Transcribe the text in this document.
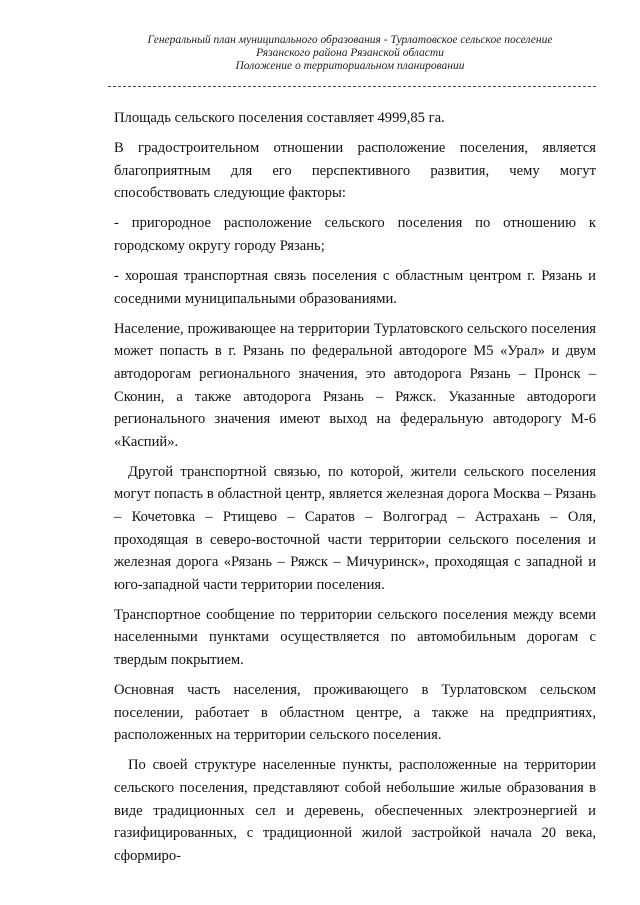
Генеральный план муниципального образования - Турлатовское сельское поселение
Рязанского района Рязанской области
Положение о территориальном планировании

Площадь сельского поселения составляет 4999,85 га.

В градостроительном отношении расположение поселения, является благоприятным для его перспективного развития, чему могут способствовать следующие факторы:

- пригородное расположение сельского поселения по отношению к городскому округу городу Рязань;

- хорошая транспортная связь поселения с областным центром г. Рязань и соседними муниципальными образованиями.

Население, проживающее на территории Турлатовского сельского поселения может попасть в г. Рязань по федеральной автодороге М5 «Урал» и двум автодорогам регионального значения, это автодорога Рязань – Пронск – Сконин, а также автодорога Рязань – Ряжск. Указанные автодороги регионального значения имеют выход на федеральную автодорогу М-6 «Каспий».

Другой транспортной связью, по которой, жители сельского поселения могут попасть в областной центр, является железная дорога Москва – Рязань – Кочетовка – Ртищево – Саратов – Волгоград – Астрахань – Оля, проходящая в северо-восточной части территории сельского поселения и железная дорога «Рязань – Ряжск – Мичуринск», проходящая с западной и юго-западной части территории поселения.

Транспортное сообщение по территории сельского поселения между всеми населенными пунктами осуществляется по автомобильным дорогам с твердым покрытием.

Основная часть населения, проживающего в Турлатовском сельском поселении, работает в областном центре, а также на предприятиях, расположенных на территории сельского поселения.

По своей структуре населенные пункты, расположенные на территории сельского поселения, представляют собой небольшие жилые образования в виде традиционных сел и деревень, обеспеченных электроэнергией и газифицированных, с традиционной жилой застройкой начала 20 века, сформиро-
